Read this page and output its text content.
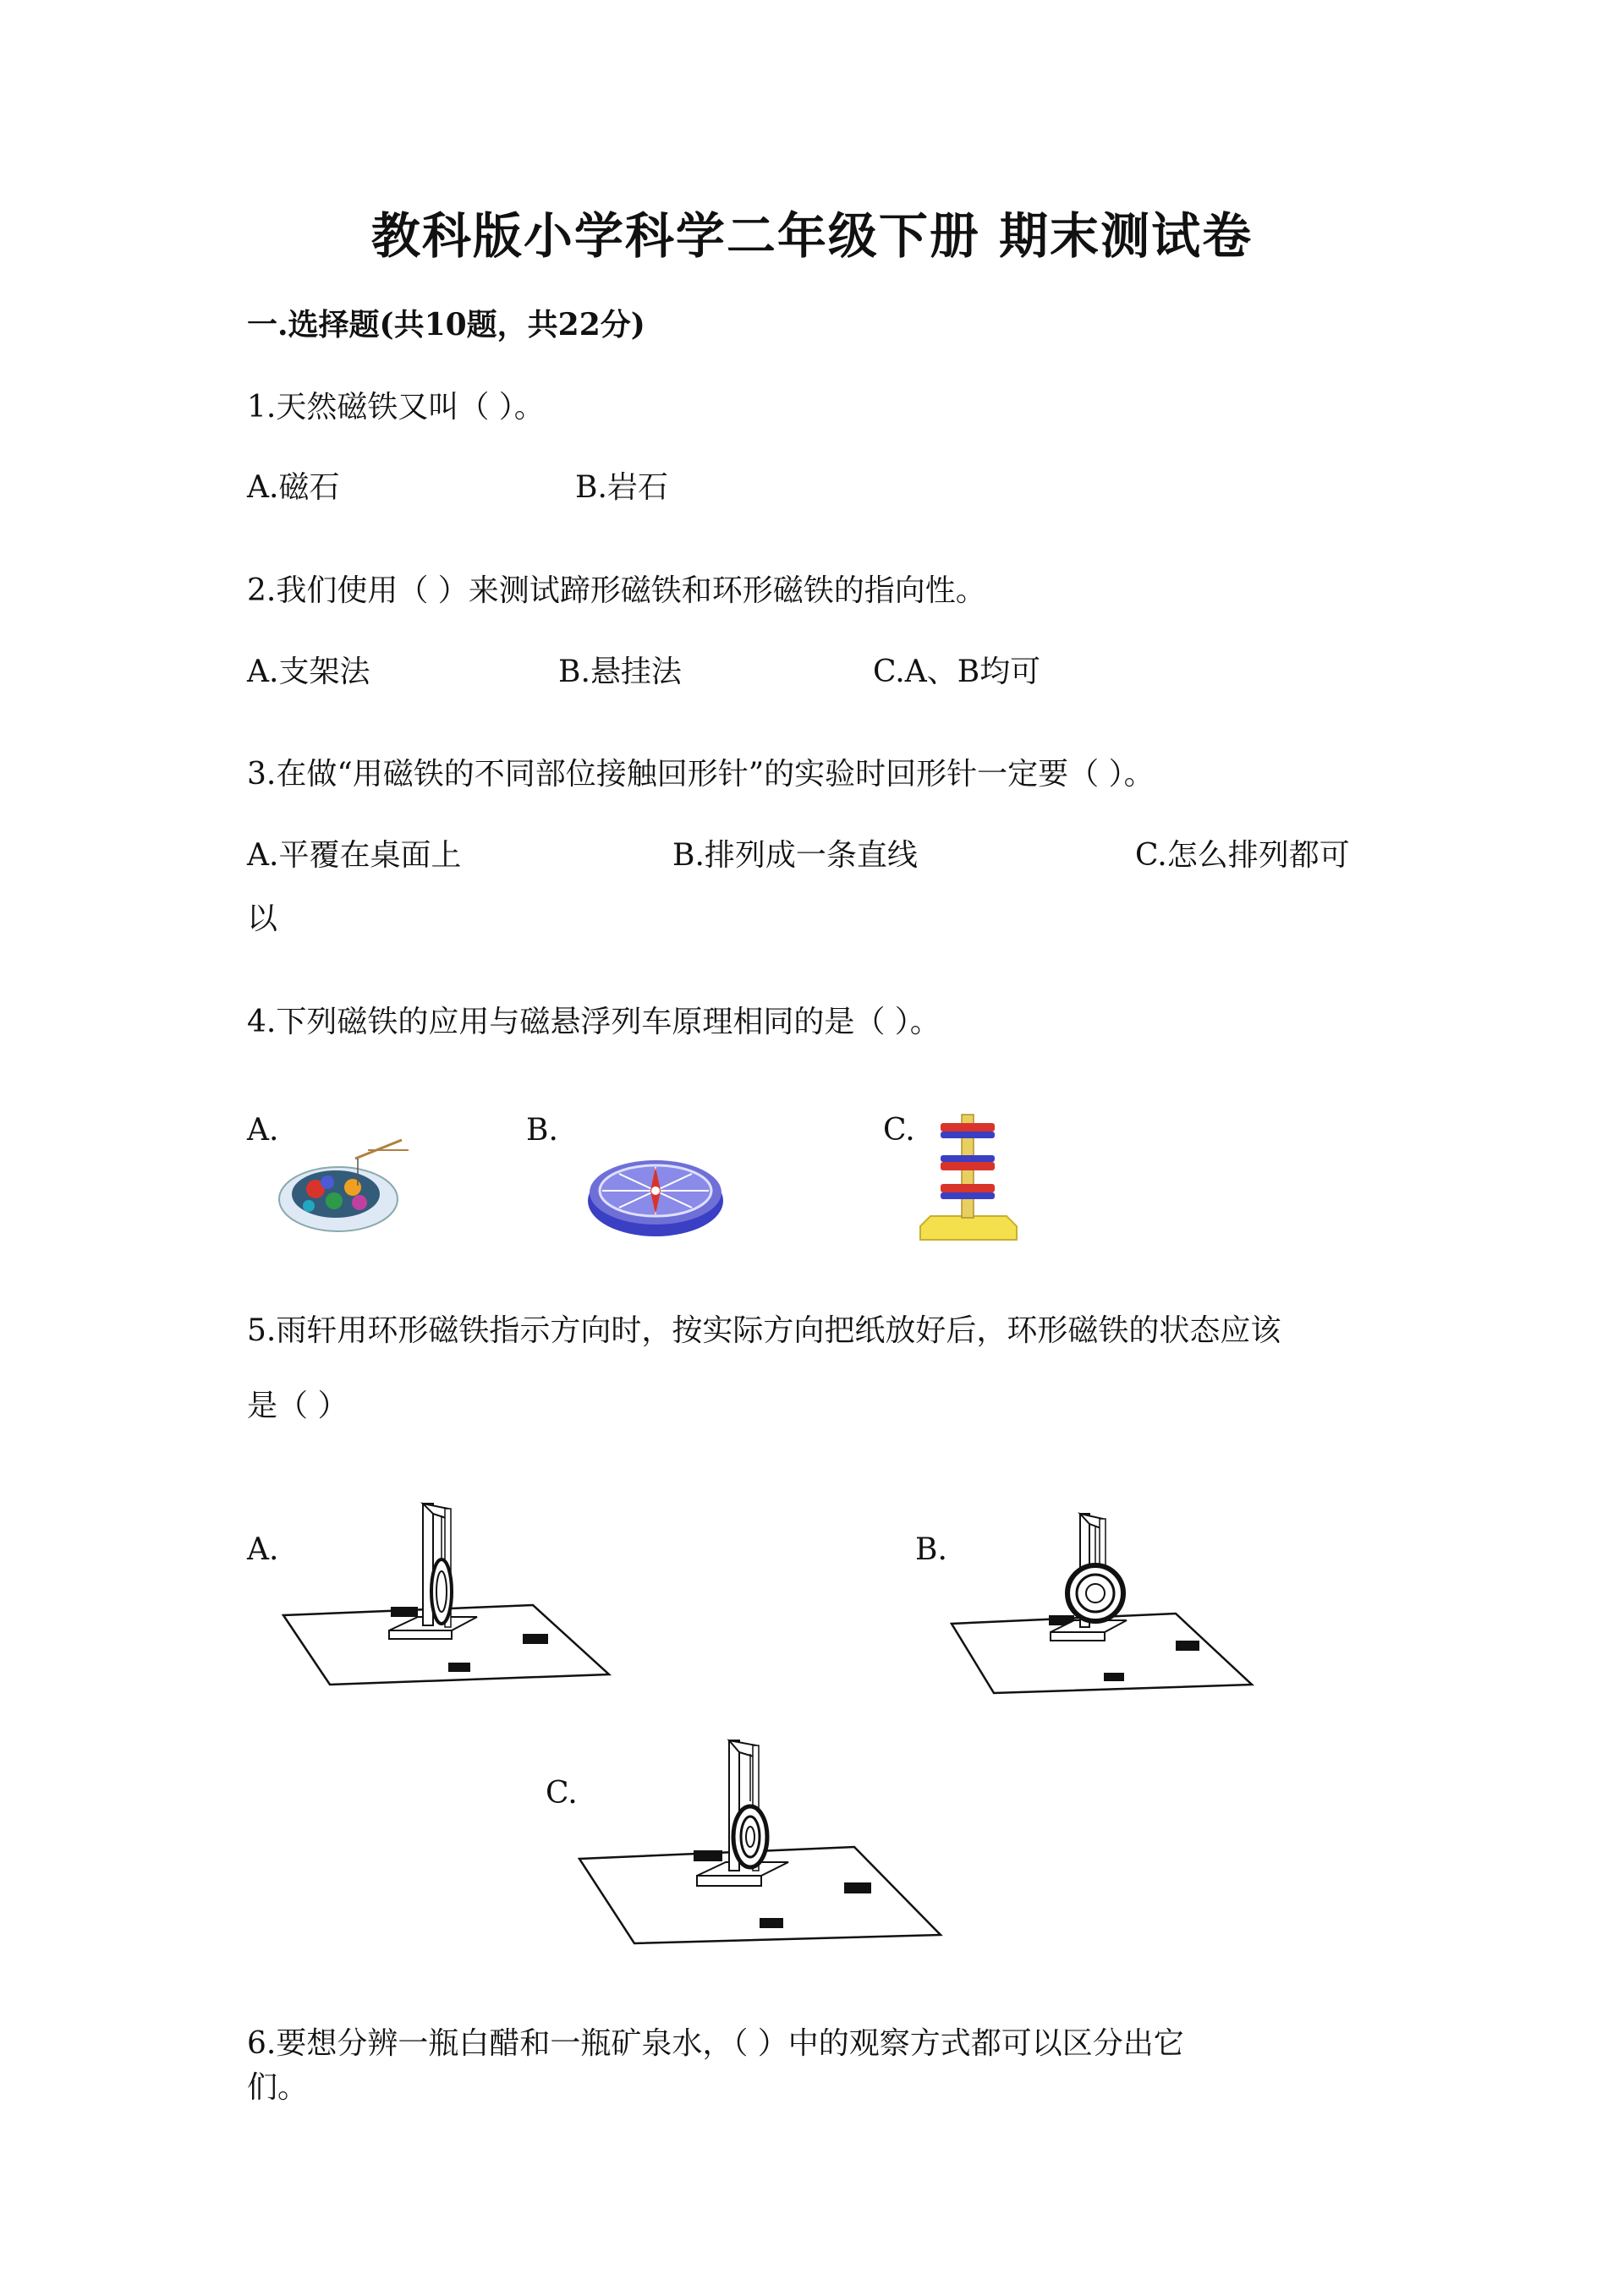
教科版小学科学二年级下册 期末测试卷
一.选择题(共10题，共22分)
1.天然磁铁又叫（ ）。
A.磁石	B.岩石
2.我们使用（ ）来测试蹄形磁铁和环形磁铁的指向性。
A.支架法	B.悬挂法	C.A、B均可
3.在做“用磁铁的不同部位接触回形针”的实验时回形针一定要（ ）。
A.平覆在桌面上	B.排列成一条直线	C.怎么排列都可
以
4.下列磁铁的应用与磁悬浮列车原理相同的是（ ）。
A.	B.	C.
5.雨轩用环形磁铁指示方向时，按实际方向把纸放好后，环形磁铁的状态应该
是（ ）
A.	B.
C.
6.要想分辨一瓶白醋和一瓶矿泉水，（ ）中的观察方式都可以区分出它
们。
